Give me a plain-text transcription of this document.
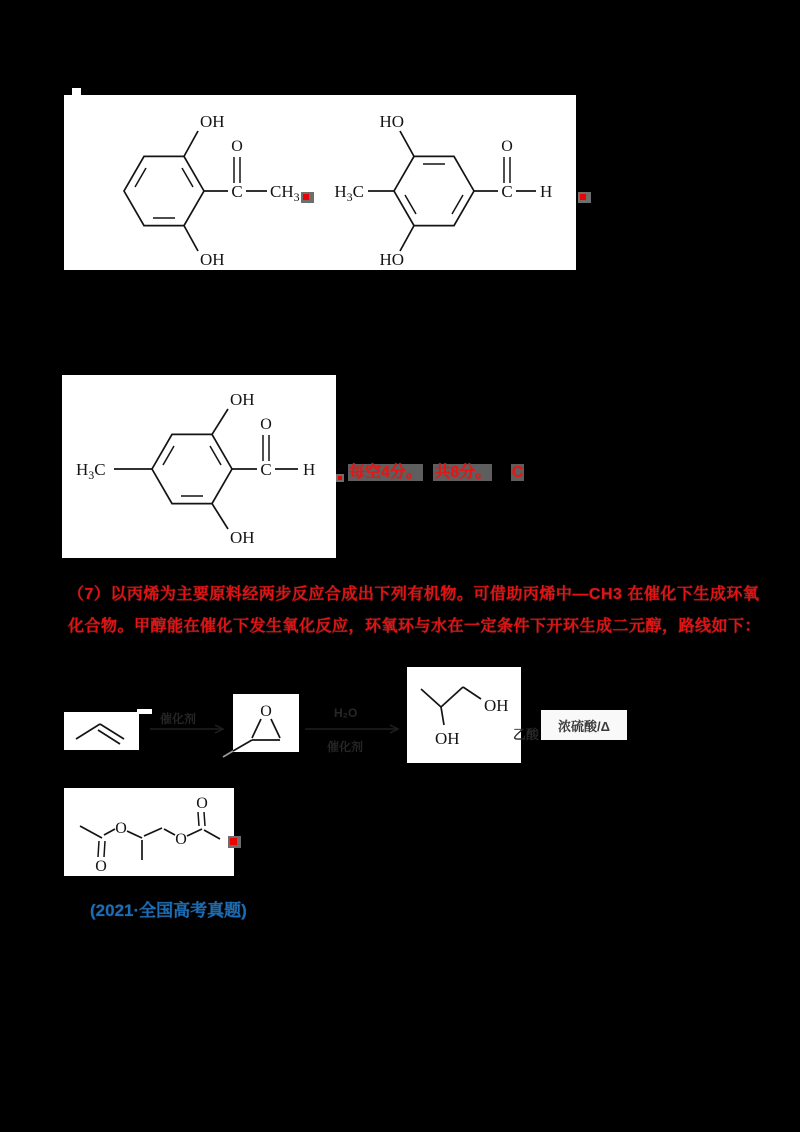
OH
C
O
$CH_3$
OH
$H_3C$
HO
HO
C
O
H
$H_3C$
OH
C
O
H
OH
每空4分。 共8分。 C
（7）以丙烯为主要原料经两步反应合成出下列有机物。可借助丙烯中—CH3 在催化下生成环氧
化合物。甲醇能在催化下发生氧化反应，环氧环与水在一定条件下开环生成二元醇，路线如下：
催化剂	O	H₂O
催化剂
OH
OH	乙酸
浓硫酸/Δ
O
O
O
O
(2021·全国高考真题)
